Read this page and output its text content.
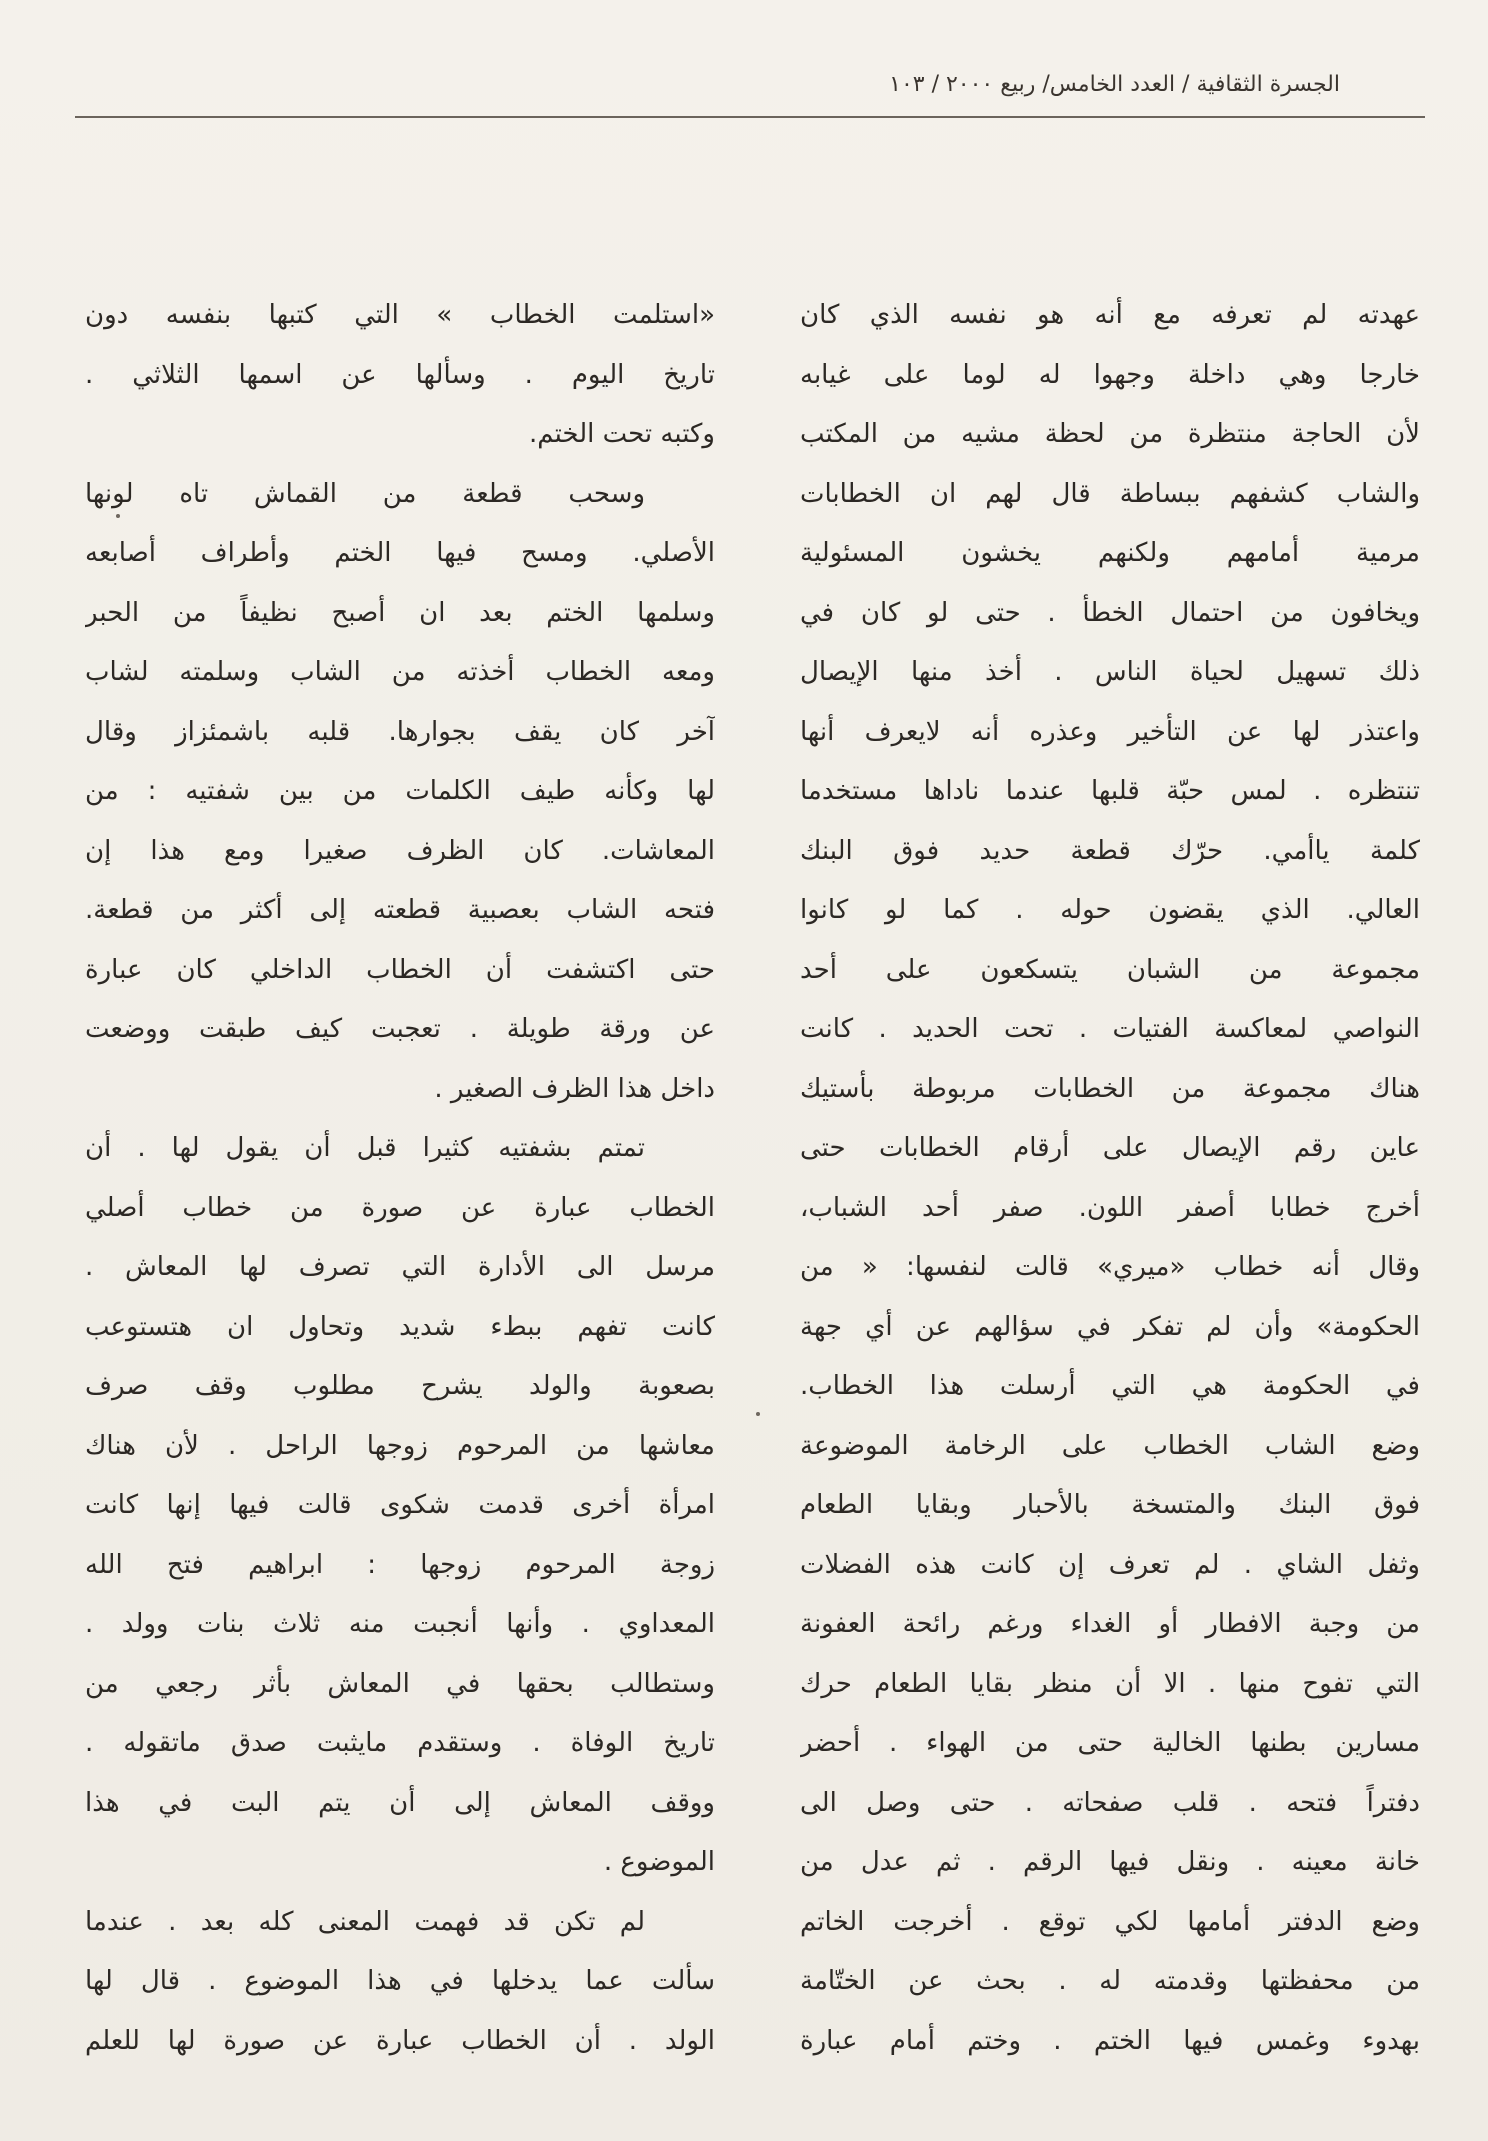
الجسرة الثقافية / العدد الخامس/ ربيع ٢٠٠٠ / ١٠٣
عهدته لم تعرفه مع أنه هو نفسه الذي كان
خارجا وهي داخلة وجهوا له لوما على غيابه
لأن الحاجة منتظرة من لحظة مشيه من المكتب
والشاب كشفهم ببساطة قال لهم ان الخطابات
مرمية أمامهم ولكنهم يخشون المسئولية
ويخافون من احتمال الخطأ . حتى لو كان في
ذلك تسهيل لحياة الناس . أخذ منها الإيصال
واعتذر لها عن التأخير وعذره أنه لايعرف أنها
تنتظره . لمس حبّة قلبها عندما ناداها مستخدما
كلمة ياأمي. حرّك قطعة حديد فوق البنك
العالي. الذي يقضون حوله . كما لو كانوا
مجموعة من الشبان يتسكعون على أحد
النواصي لمعاكسة الفتيات . تحت الحديد . كانت
هناك مجموعة من الخطابات مربوطة بأستيك
عاين رقم الإيصال على أرقام الخطابات حتى
أخرج خطابا أصفر اللون. صفر أحد الشباب،
وقال أنه خطاب «ميري» قالت لنفسها: « من
الحكومة» وأن لم تفكر في سؤالهم عن أي جهة
في الحكومة هي التي أرسلت هذا الخطاب.
وضع الشاب الخطاب على الرخامة الموضوعة
فوق البنك والمتسخة بالأحبار وبقايا الطعام
وثفل الشاي . لم تعرف إن كانت هذه الفضلات
من وجبة الافطار أو الغداء ورغم رائحة العفونة
التي تفوح منها . الا أن منظر بقايا الطعام حرك
مسارين بطنها الخالية حتى من الهواء . أحضر
دفتراً فتحه . قلب صفحاته . حتى وصل الى
خانة معينه . ونقل فيها الرقم . ثم عدل من
وضع الدفتر أمامها لكي توقع . أخرجت الخاتم
من محفظتها وقدمته له . بحث عن الختّامة
بهدوء وغمس فيها الختم . وختم أمام عبارة
«استلمت الخطاب » التي كتبها بنفسه دون
تاريخ اليوم . وسألها عن اسمها الثلاثي .
وكتبه تحت الختم.
وسحب قطعة من القماش تاه لونها
الأصلي. ومسح فيها الختم وأطراف أصابعه
وسلمها الختم بعد ان أصبح نظيفاً من الحبر
ومعه الخطاب أخذته من الشاب وسلمته لشاب
آخر كان يقف بجوارها. قلبه باشمئزاز وقال
لها وكأنه طيف الكلمات من بين شفتيه : من
المعاشات. كان الظرف صغيرا ومع هذا إن
فتحه الشاب بعصبية قطعته إلى أكثر من قطعة.
حتى اكتشفت أن الخطاب الداخلي كان عبارة
عن ورقة طويلة . تعجبت كيف طبقت ووضعت
داخل هذا الظرف الصغير .
تمتم بشفتيه كثيرا قبل أن يقول لها . أن
الخطاب عبارة عن صورة من خطاب أصلي
مرسل الى الأدارة التي تصرف لها المعاش .
كانت تفهم ببطء شديد وتحاول ان هتستوعب
بصعوبة والولد يشرح مطلوب وقف صرف
معاشها من المرحوم زوجها الراحل . لأن هناك
امرأة أخرى قدمت شكوى قالت فيها إنها كانت
زوجة المرحوم زوجها : ابراهيم فتح الله
المعداوي . وأنها أنجبت منه ثلاث بنات وولد .
وستطالب بحقها في المعاش بأثر رجعي من
تاريخ الوفاة . وستقدم مايثبت صدق ماتقوله .
ووقف المعاش إلى أن يتم البت في هذا
الموضوع .
لم تكن قد فهمت المعنى كله بعد . عندما
سألت عما يدخلها في هذا الموضوع . قال لها
الولد . أن الخطاب عبارة عن صورة لها للعلم
